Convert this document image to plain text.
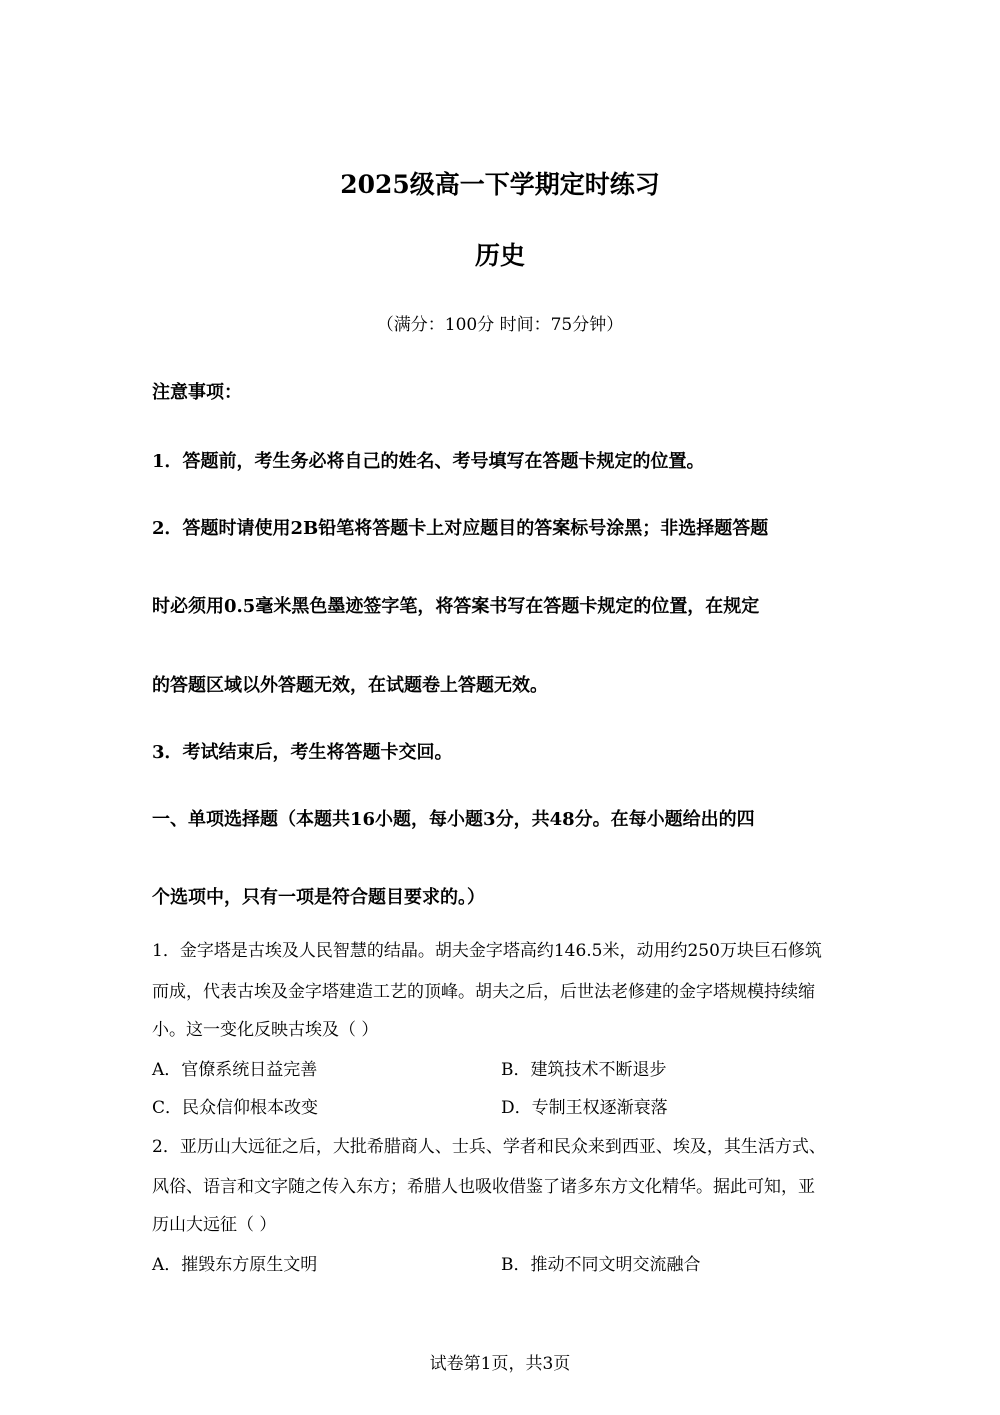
2025级高一下学期定时练习
历史
（满分：100分 时间：75分钟）
注意事项：
1．答题前，考生务必将自己的姓名、考号填写在答题卡规定的位置。
2．答题时请使用2B铅笔将答题卡上对应题目的答案标号涂黑；非选择题答题
时必须用0.5毫米黑色墨迹签字笔，将答案书写在答题卡规定的位置，在规定
的答题区域以外答题无效，在试题卷上答题无效。
3．考试结束后，考生将答题卡交回。
一、单项选择题（本题共16小题，每小题3分，共48分。在每小题给出的四
个选项中，只有一项是符合题目要求的。）
1．金字塔是古埃及人民智慧的结晶。胡夫金字塔高约146.5米，动用约250万块巨石修筑
而成，代表古埃及金字塔建造工艺的顶峰。胡夫之后，后世法老修建的金字塔规模持续缩
小。这一变化反映古埃及（ ）
A．官僚系统日益完善	B．建筑技术不断退步
C．民众信仰根本改变	D．专制王权逐渐衰落
2．亚历山大远征之后，大批希腊商人、士兵、学者和民众来到西亚、埃及，其生活方式、
风俗、语言和文字随之传入东方；希腊人也吸收借鉴了诸多东方文化精华。据此可知，亚
历山大远征（ ）
A．摧毁东方原生文明	B．推动不同文明交流融合
试卷第1页，共3页
